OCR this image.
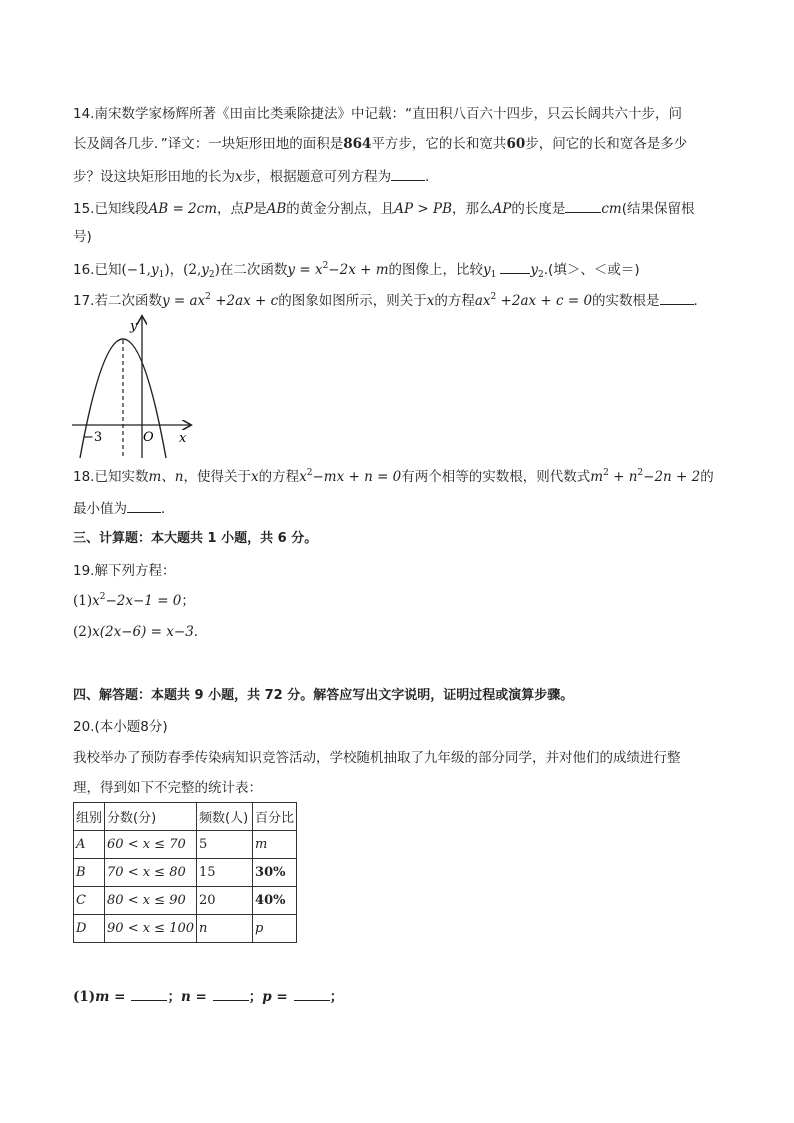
14.南宋数学家杨辉所著《田亩比类乘除捷法》中记载：“直田积八百六十四步，只云长阔共六十步，问
长及阔各几步．”译文：一块矩形田地的面积是864平方步，它的长和宽共60步，问它的长和宽各是多少
步？设这块矩形田地的长为x步，根据题意可列方程为	．
15.已知线段AB = 2cm，点P是AB的黄金分割点，且AP > PB，那么AP的长度是	cm(结果保留根
号)
16.已知$(-1,y_1)$，$(2,y_2)$在二次函数$y = x^2-2x + m$的图像上，比较$y_1$	$y_2$.(填＞、＜或＝)
17.若二次函数$y = ax^2 +2ax + c$的图象如图所示，则关于x的方程$ax^2 +2ax + c = 0$的实数根是	．
y
x
O
−3
18.已知实数m、n，使得关于x的方程$x^2-mx + n = 0$有两个相等的实数根，则代数式$m^2 + n^2-2n + 2$的
最小值为	．
三、计算题：本大题共 1 小题，共 6 分。
19.解下列方程：
$(1)x^2-2x-1 = 0$；
(2)x(2x−6) = x−3．
四、解答题：本题共 9 小题，共 72 分。解答应写出文字说明，证明过程或演算步骤。
20.(本小题8分)
我校举办了预防春季传染病知识竞答活动，学校随机抽取了九年级的部分同学，并对他们的成绩进行整
理，得到如下不完整的统计表：
组别	分数(分)	频数(人)	百分比
A	60 < x ≤ 70	5	m
B	70 < x ≤ 80	15	30%
C	80 < x ≤ 90	20	40%
D	90 < x ≤ 100	n	p
(1)m =	；n =	；p =	；
